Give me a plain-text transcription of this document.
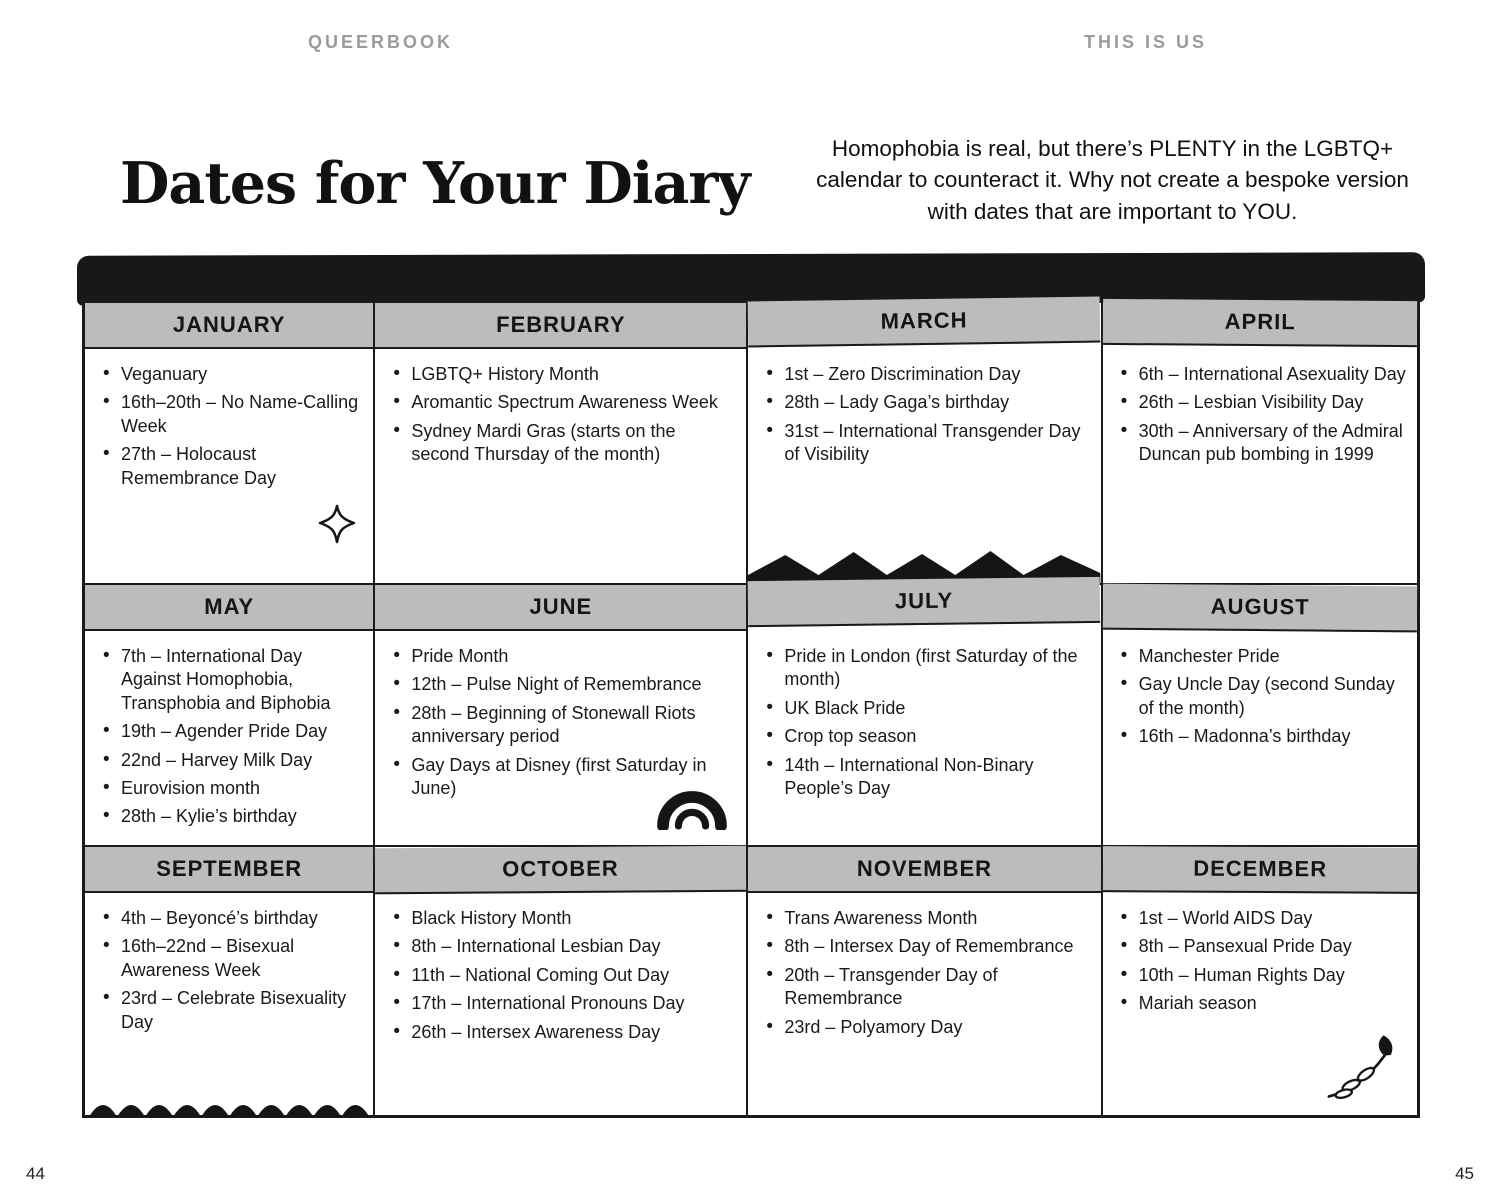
QUEERBOOK	THIS IS US
Dates for Your Diary

Homophobia is real, but there’s PLENTY in the LGBTQ+ calendar to counteract it. Why not create a bespoke version with dates that are important to YOU.

JANUARY
• Veganuary
• 16th–20th – No Name-Calling Week
• 27th – Holocaust Remembrance Day
FEBRUARY
• LGBTQ+ History Month
• Aromantic Spectrum Awareness Week
• Sydney Mardi Gras (starts on the second Thursday of the month)
MARCH
• 1st – Zero Discrimination Day
• 28th – Lady Gaga’s birthday
• 31st – International Transgender Day of Visibility
APRIL
• 6th – International Asexuality Day
• 26th – Lesbian Visibility Day
• 30th – Anniversary of the Admiral Duncan pub bombing in 1999
MAY
• 7th – International Day Against Homophobia, Transphobia and Biphobia
• 19th – Agender Pride Day
• 22nd – Harvey Milk Day
• Eurovision month
• 28th – Kylie’s birthday
JUNE
• Pride Month
• 12th – Pulse Night of Remembrance
• 28th – Beginning of Stonewall Riots anniversary period
• Gay Days at Disney (first Saturday in June)
JULY
• Pride in London (first Saturday of the month)
• UK Black Pride
• Crop top season
• 14th – International Non-Binary People’s Day
AUGUST
• Manchester Pride
• Gay Uncle Day (second Sunday of the month)
• 16th – Madonna’s birthday
SEPTEMBER
• 4th – Beyoncé’s birthday
• 16th–22nd – Bisexual Awareness Week
• 23rd – Celebrate Bisexuality Day
OCTOBER
• Black History Month
• 8th – International Lesbian Day
• 11th – National Coming Out Day
• 17th – International Pronouns Day
• 26th – Intersex Awareness Day
NOVEMBER
• Trans Awareness Month
• 8th – Intersex Day of Remembrance
• 20th – Transgender Day of Remembrance
• 23rd – Polyamory Day
DECEMBER
• 1st – World AIDS Day
• 8th – Pansexual Pride Day
• 10th – Human Rights Day
• Mariah season
44	45
